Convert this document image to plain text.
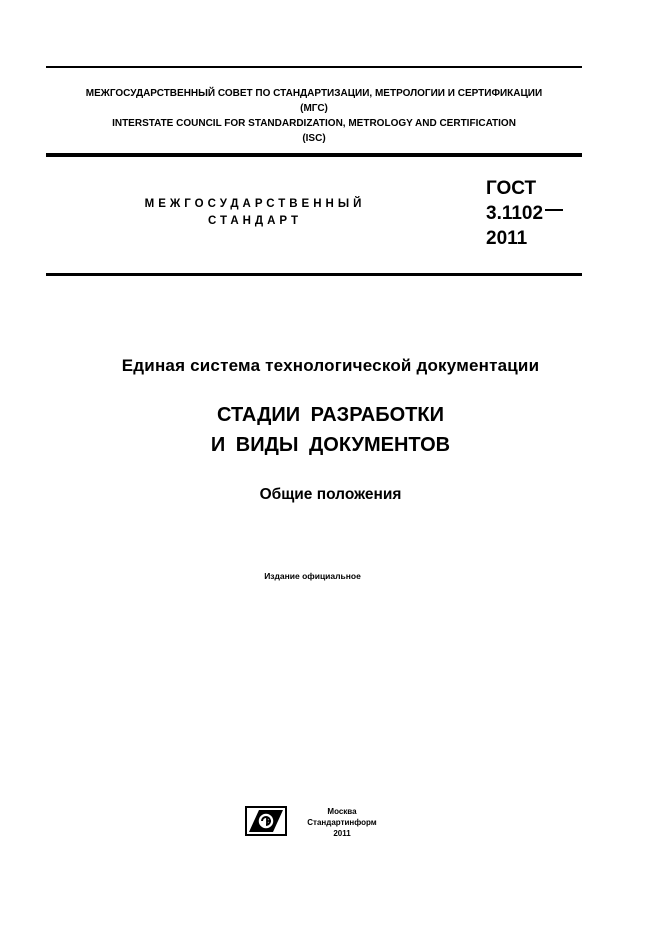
МЕЖГОСУДАРСТВЕННЫЙ СОВЕТ ПО СТАНДАРТИЗАЦИИ, МЕТРОЛОГИИ И СЕРТИФИКАЦИИ
(МГС)
INTERSTATE COUNCIL FOR STANDARDIZATION, METROLOGY AND CERTIFICATION
(ISC)
МЕЖГОСУДАРСТВЕННЫЙ
СТАНДАРТ
ГОСТ
3.1102
2011
Единая система технологической документации
СТАДИИ РАЗРАБОТКИ
И ВИДЫ ДОКУМЕНТОВ
Общие положения
Издание официальное
Москва
Стандартинформ
2011
